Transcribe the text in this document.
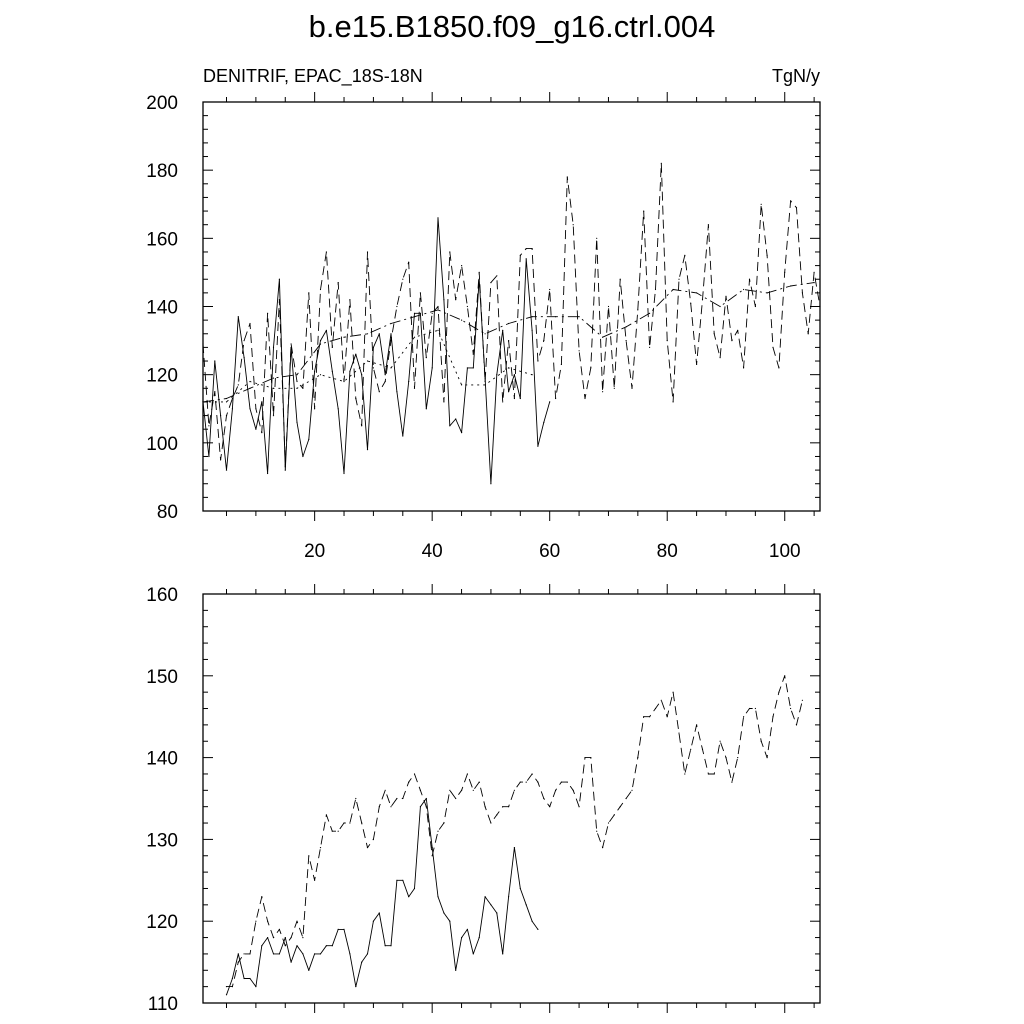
b.e15.B1850.f09_g16.ctrl.004
DENITRIF, EPAC_18S-18N	TgN/y
80
100
120
140
160
180
200
20	40	60	80	100
110
120
130
140
150
160
